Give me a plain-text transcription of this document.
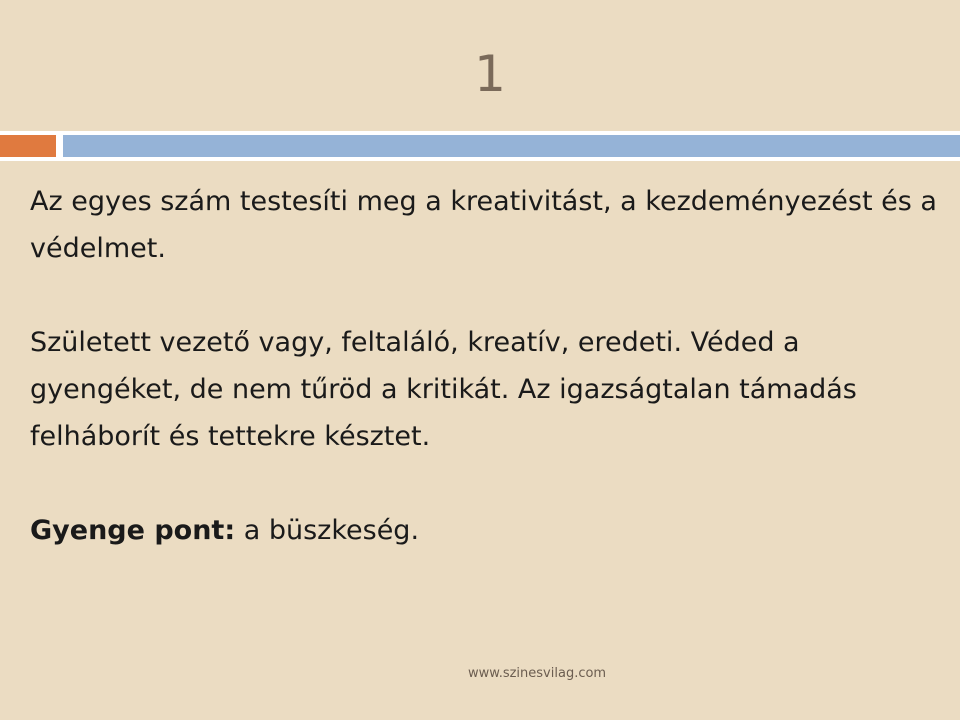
1

Az egyes szám testesíti meg a kreativitást, a kezdeményezést és a védelmet.

Született vezető vagy, feltaláló, kreatív, eredeti. Véded a gyengéket, de nem tűröd a kritikát. Az igazságtalan támadás felháborít és tettekre késztet.

Gyenge pont: a büszkeség.

www.szinesvilag.com
